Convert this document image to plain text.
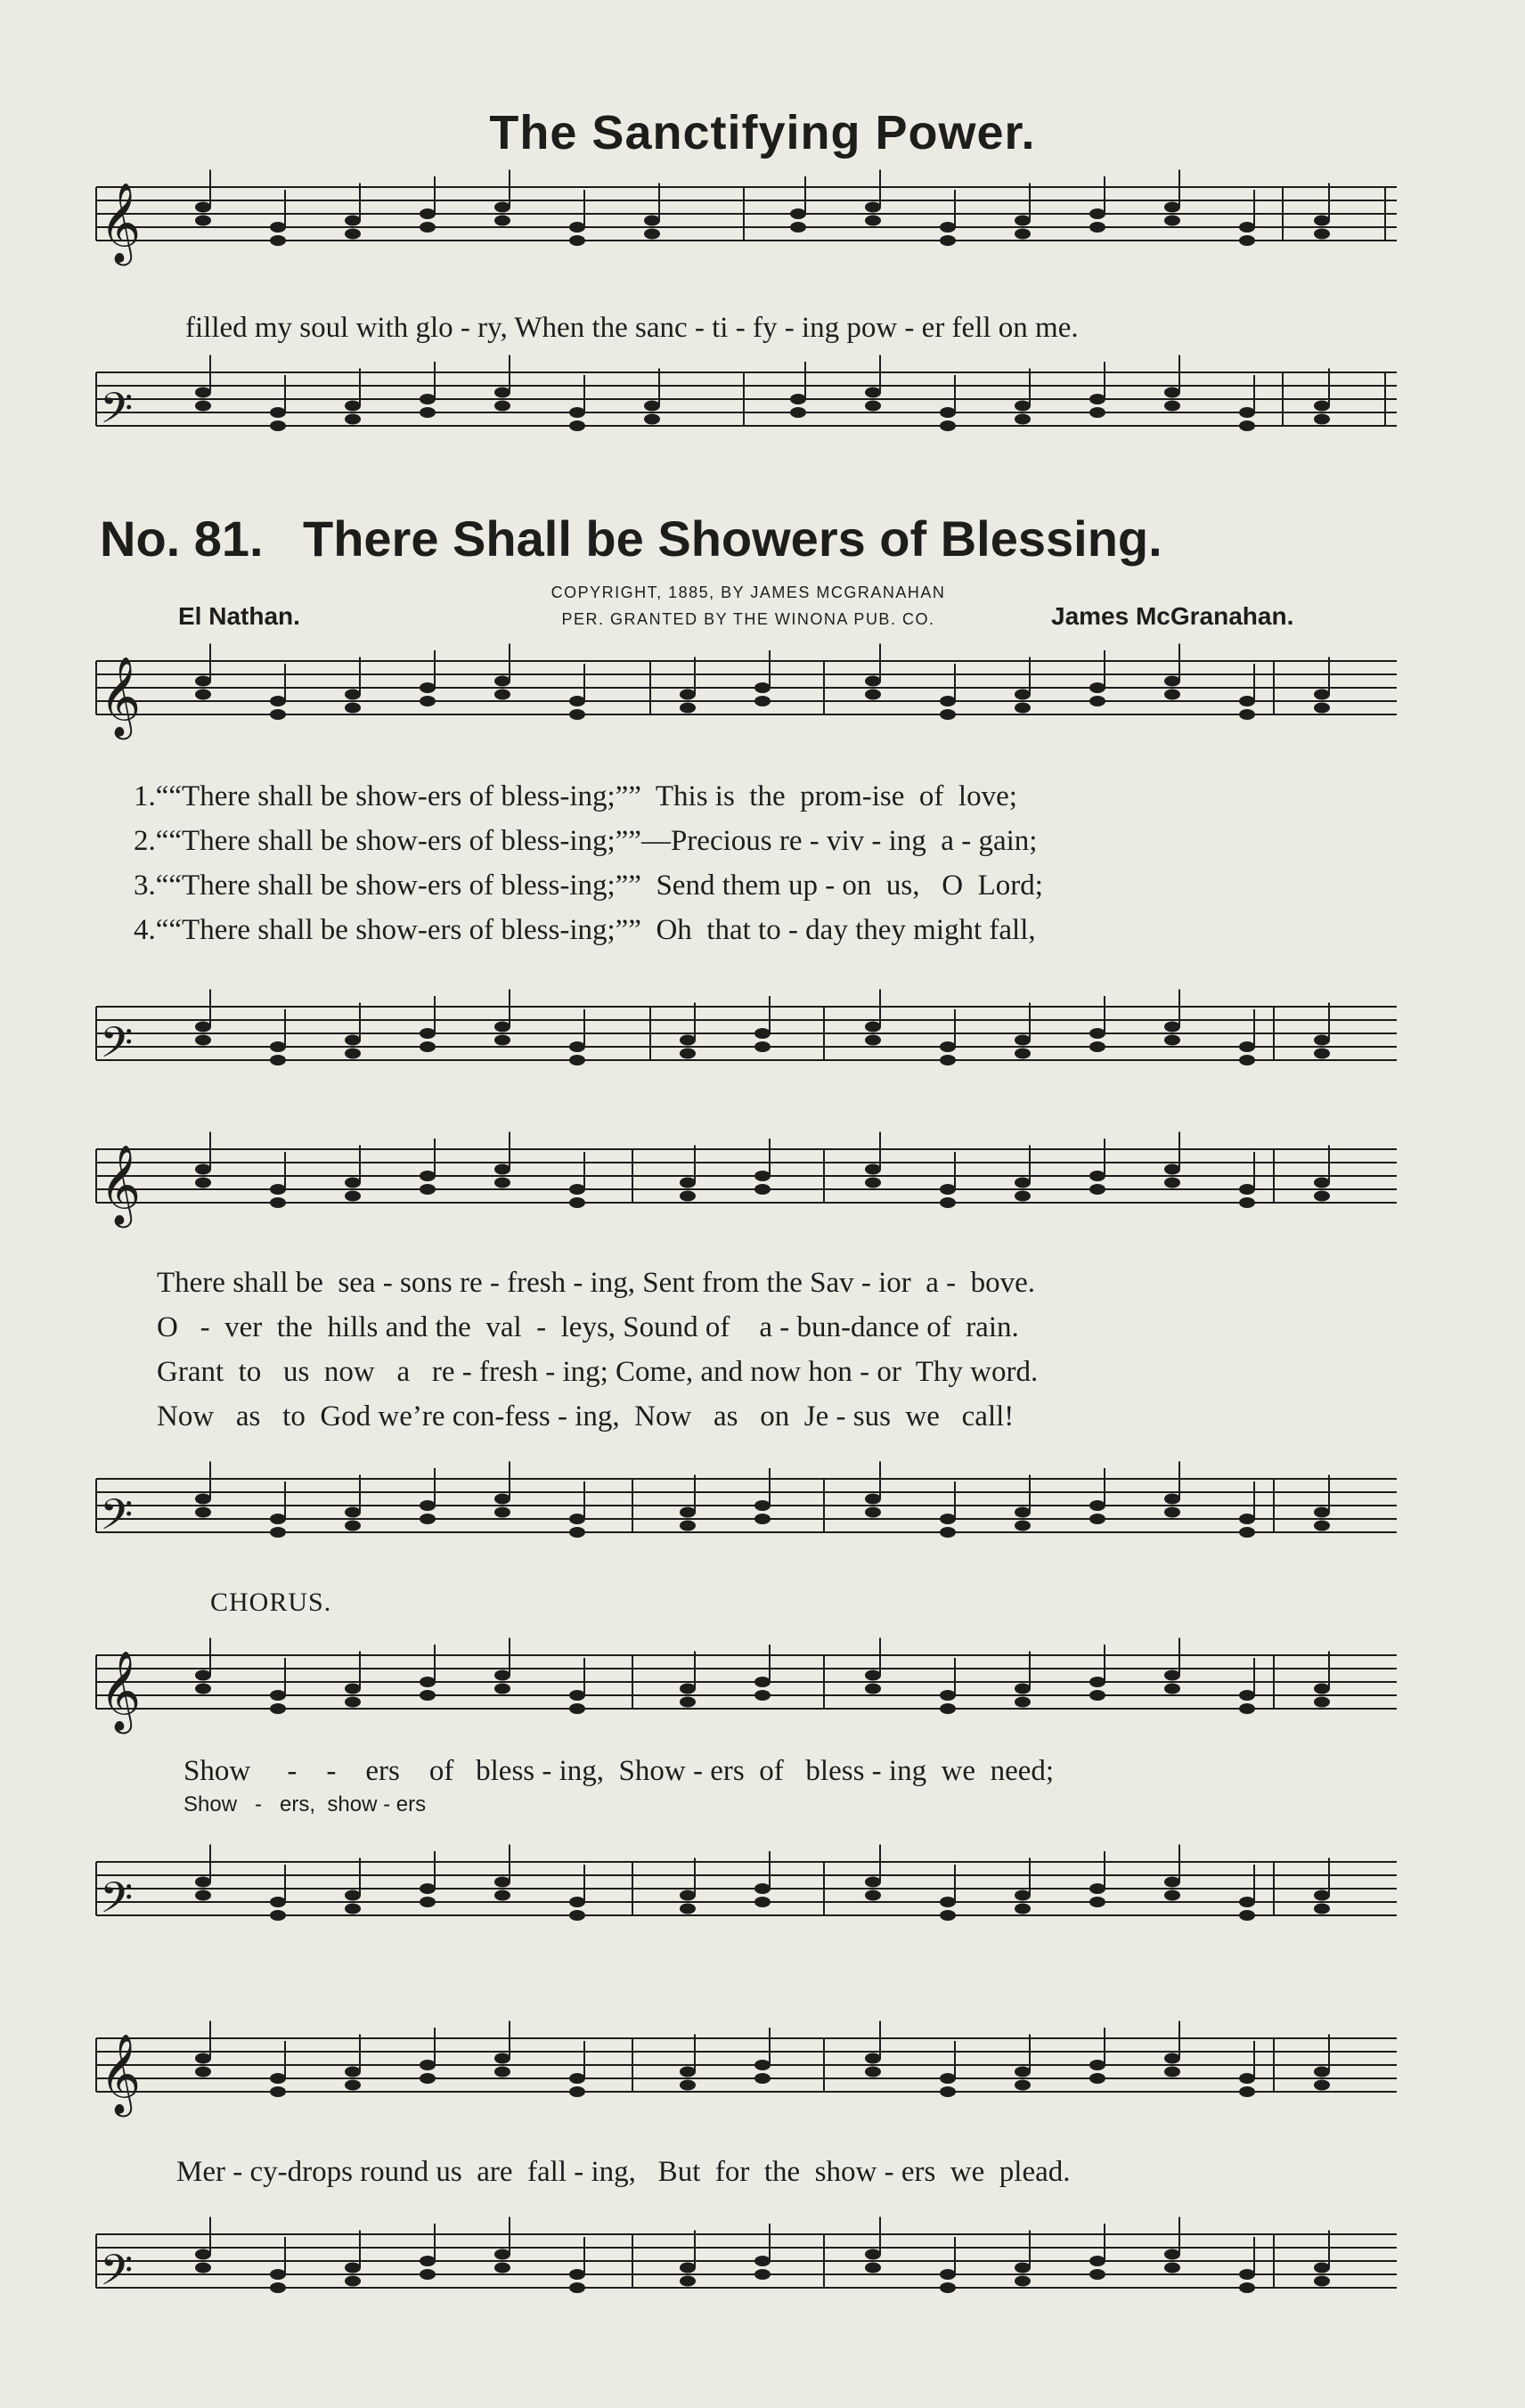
The Sanctifying Power.
𝄞
𝄢
𝄞
𝄢
𝄞
𝄢
𝄞
𝄢
𝄞
𝄢
filled my soul with glo - ry, When the sanc - ti - fy - ing pow - er fell on me.
No. 81. There Shall be Showers of Blessing.
COPYRIGHT, 1885, BY JAMES MCGRANAHAN
PER. GRANTED BY THE WINONA PUB. CO.
El Nathan.	James McGranahan.
1.““There shall be show-ers of bless-ing;””  This is  the  prom-ise  of  love;
2.““There shall be show-ers of bless-ing;””—Precious re - viv - ing  a - gain;
3.““There shall be show-ers of bless-ing;””  Send them up - on  us,   O  Lord;
4.““There shall be show-ers of bless-ing;””  Oh  that to - day they might fall,
There shall be  sea - sons re - fresh - ing, Sent from the Sav - ior  a -  bove.
O   -  ver  the  hills and the  val  -  leys, Sound of    a - bun-dance of  rain.
Grant  to   us  now   a   re - fresh - ing; Come, and now hon - or  Thy word.
Now   as   to  God we’re con-fess - ing,  Now   as   on  Je - sus  we   call!
CHORUS.
Show     -    -    ers    of   bless - ing,  Show - ers  of   bless - ing  we  need;
Show   -   ers,  show - ers
Mer - cy-drops round us  are  fall - ing,   But  for  the  show - ers  we  plead.
